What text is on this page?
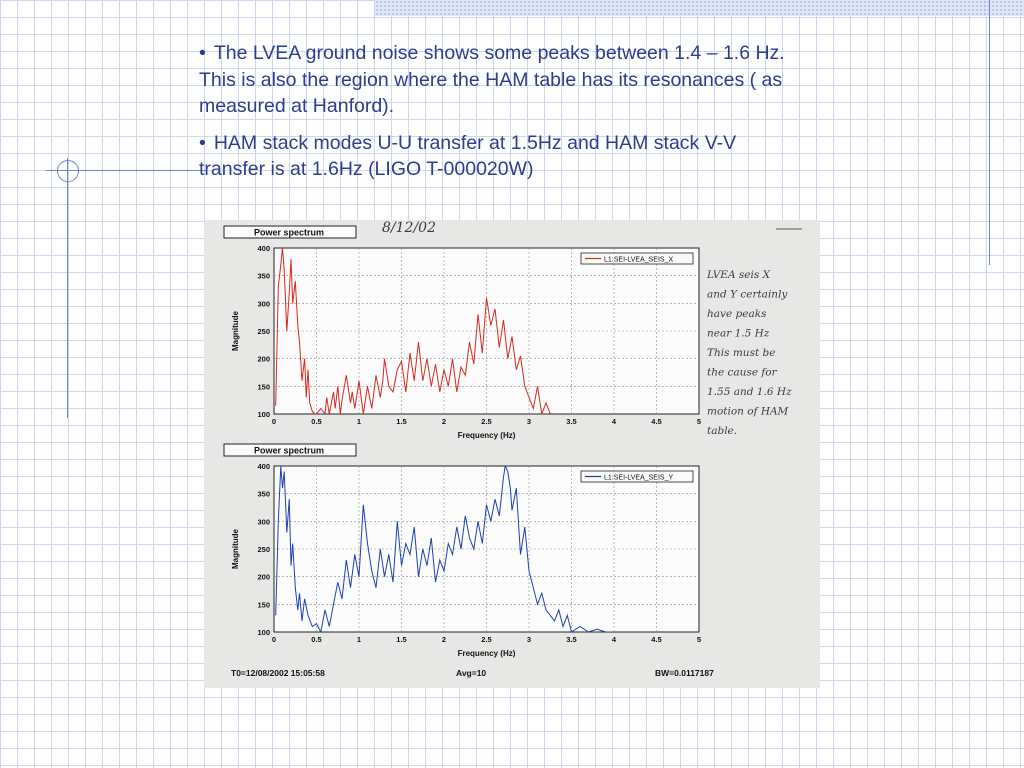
• The LVEA ground noise shows some peaks between 1.4 – 1.6 Hz. This is also the region where the HAM table has its resonances ( as measured at Hanford).
• HAM stack modes U-U transfer at 1.5Hz and HAM stack V-V transfer is at 1.6Hz (LIGO T-000020W)
8/12/02
LVEA seis X
and Y certainly
have peaks
near 1.5 Hz
This must be
the cause for
1.55 and 1.6 Hz
motion of HAM
table.
T0=12/08/2002 15:05:58	Avg=10	BW=0.0117187
Power spectrum
0	0.5	1	1.5	2	2.5	3	3.5	4	4.5	5
100
150
200
250
300
350
400
Frequency (Hz)
Magnitude
L1:SEI-LVEA_SEIS_X
Power spectrum
0	0.5	1	1.5	2	2.5	3	3.5	4	4.5	5
100
150
200
250
300
350
400
Frequency (Hz)
Magnitude
L1:SEI-LVEA_SEIS_Y
